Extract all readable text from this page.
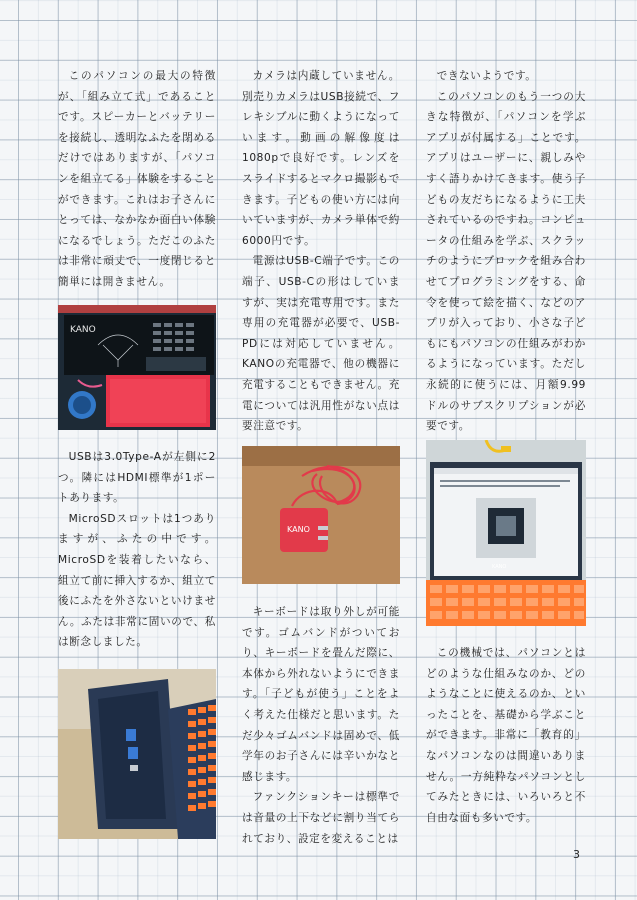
このパソコンの最大の特徴が、「組み立て式」であることです。スピーカーとバッテリーを接続し、透明なふたを閉めるだけではありますが、「パソコンを組立てる」体験をすることができます。これはお子さんにとっては、なかなか面白い体験になるでしょう。ただこのふたは非常に頑丈で、一度閉じると簡単には開きません。

KANO

USBは3.0Type-Aが左側に2つ。隣にはHDMI標準が1ポートあります。

MicroSDスロットは1つありますが、ふたの中です。MicroSDを装着したいなら、組立て前に挿入するか、組立て後にふたを外さないといけません。ふたは非常に固いので、私は断念しました。

カメラは内蔵していません。別売りカメラはUSB接続で、フレキシブルに動くようになっています。動画の解像度は1080pで良好です。レンズをスライドするとマクロ撮影もできます。子どもの使い方には向いていますが、カメラ単体で約6000円です。

電源はUSB-C端子です。この端子、USB-Cの形はしていますが、実は充電専用です。また専用の充電器が必要で、USB-PDには対応していません。KANOの充電器で、他の機器に充電することもできません。充電については汎用性がない点は要注意です。

KANO

キーボードは取り外しが可能です。ゴムバンドがついており、キーボードを畳んだ際に、本体から外れないようにできます。「子どもが使う」ことをよく考えた仕様だと思います。ただ少々ゴムバンドは固めで、低学年のお子さんには辛いかなと感じます。

ファンクションキーは標準では音量の上下などに割り当てられており、設定を変えることは

できないようです。

このパソコンのもう一つの大きな特徴が、「パソコンを学ぶアプリが付属する」ことです。アプリはユーザーに、親しみやすく語りかけてきます。使う子どもの友だちになるように工夫されているのですね。コンピュータの仕組みを学ぶ、スクラッチのようにブロックを組み合わせてプログラミングをする、命令を使って絵を描く、などのアプリが入っており、小さな子どもにもパソコンの仕組みがわかるようになっています。ただし永続的に使うには、月額9.99ドルのサブスクリプションが必要です。

KANO

この機械では、パソコンとはどのような仕組みなのか、どのようなことに使えるのか、といったことを、基礎から学ぶことができます。非常に「教育的」なパソコンなのは間違いありません。一方純粋なパソコンとしてみたときには、いろいろと不自由な面も多いです。

3
